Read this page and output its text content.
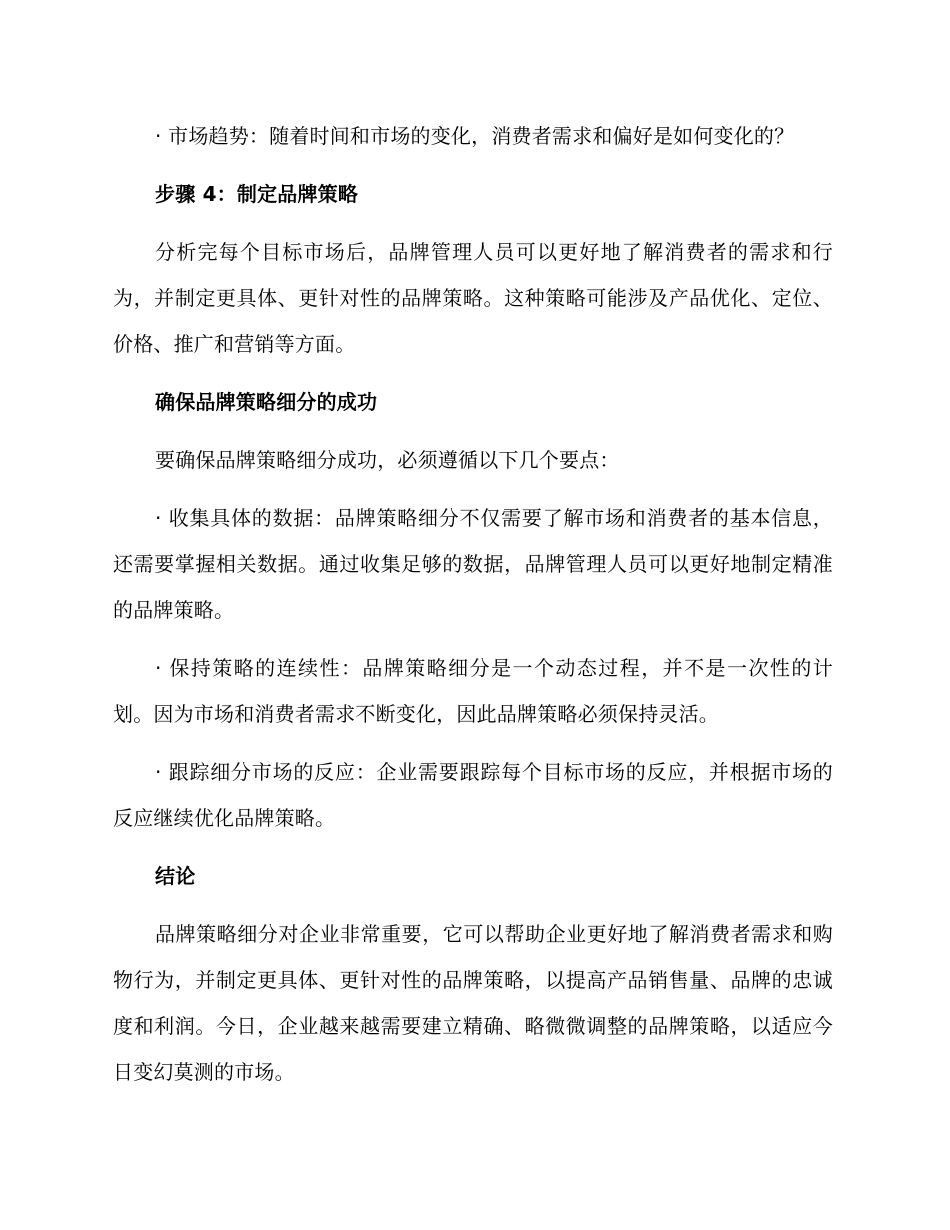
· 市场趋势：随着时间和市场的变化，消费者需求和偏好是如何变化的？

步骤 4：制定品牌策略

分析完每个目标市场后，品牌管理人员可以更好地了解消费者的需求和行为，并制定更具体、更针对性的品牌策略。这种策略可能涉及产品优化、定位、价格、推广和营销等方面。

确保品牌策略细分的成功

要确保品牌策略细分成功，必须遵循以下几个要点：

· 收集具体的数据：品牌策略细分不仅需要了解市场和消费者的基本信息，还需要掌握相关数据。通过收集足够的数据，品牌管理人员可以更好地制定精准的品牌策略。

· 保持策略的连续性：品牌策略细分是一个动态过程，并不是一次性的计划。因为市场和消费者需求不断变化，因此品牌策略必须保持灵活。

· 跟踪细分市场的反应：企业需要跟踪每个目标市场的反应，并根据市场的反应继续优化品牌策略。

结论

品牌策略细分对企业非常重要，它可以帮助企业更好地了解消费者需求和购物行为，并制定更具体、更针对性的品牌策略，以提高产品销售量、品牌的忠诚度和利润。今日，企业越来越需要建立精确、略微微调整的品牌策略，以适应今日变幻莫测的市场。
